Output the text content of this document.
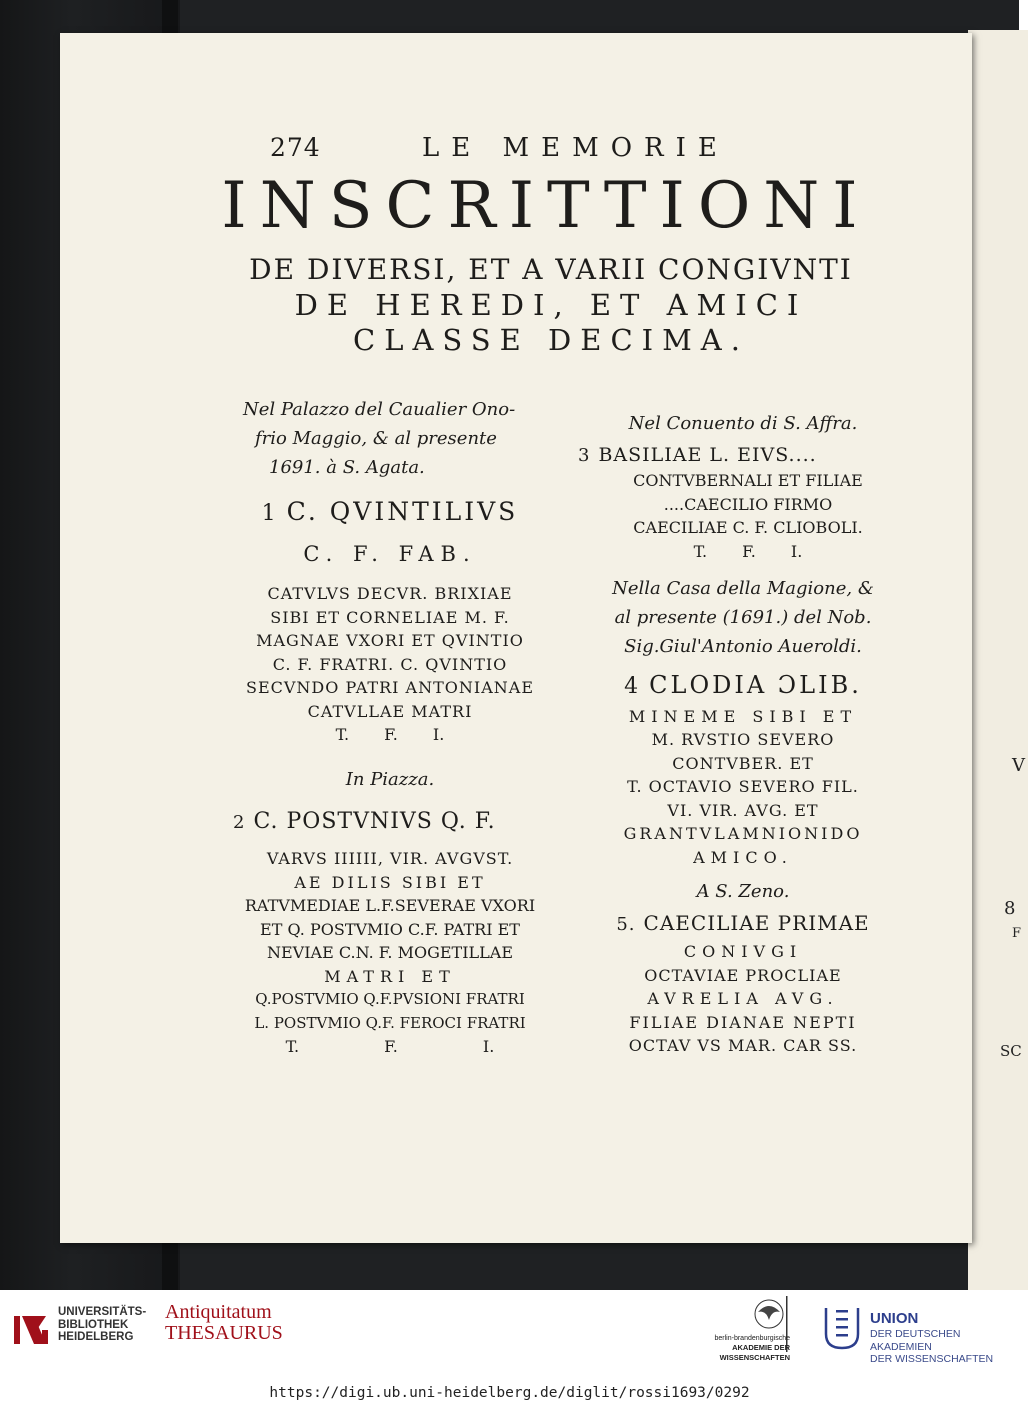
V
8
F
SC
274	LE MEMORIE
INSCRITTIONI
DE DIVERSI, ET A VARII CONGIVNTI
DE HEREDI, ET AMICI
CLASSE DECIMA.
Nel Palazzo del Caualier Ono-
frio Maggio, & al presente
1691. à S. Agata.
1 C. QVINTILIVS
C. F. FAB.
CATVLVS DECVR. BRIXIAE
SIBI ET CORNELIAE M. F.
MAGNAE VXORI ET QVINTIO
C. F. FRATRI. C. QVINTIO
SECVNDO PATRI ANTONIANAE
CATVLLAE MATRI
T. F. I.
In Piazza.
2 C. POSTVNIVS Q. F.
VARVS IIIIII, VIR. AVGVST.
AE DILIS SIBI ET
RATVMEDIAE L.F.SEVERAE VXORI
ET Q. POSTVMIO C.F. PATRI ET
NEVIAE C.N. F. MOGETILLAE
MATRI ET
Q.POSTVMIO Q.F.PVSIONI FRATRI
L. POSTVMIO Q.F. FEROCI FRATRI
T. F. I.
Nel Conuento di S. Affra.
3 BASILIAE L. EIVS....
CONTVBERNALI ET FILIAE
....CAECILIO FIRMO
CAECILIAE C. F. CLIOBOLI.
T. F. I.
Nella Casa della Magione, &
al presente (1691.) del Nob.
Sig.Giul'Antonio Aueroldi.
4 CLODIA ƆLIB.
MINEME SIBI ET
M. RVSTIO SEVERO
CONTVBER. ET
T. OCTAVIO SEVERO FIL.
VI. VIR. AVG. ET
GRANTVLAMNIONIDO
AMICO.
A S. Zeno.
5. CAECILIAE PRIMAE
CONIVGI
OCTAVIAE PROCLIAE
AVRELIA AVG.
FILIAE DIANAE NEPTI
OCTAV VS MAR. CAR SS.
UNIVERSITÄTS-
BIBLIOTHEK
HEIDELBERG
Antiquitatum
THESAURUS	berlin-brandenburgische
AKADEMIE DER WISSENSCHAFTEN
UNION
DER DEUTSCHEN AKADEMIEN
DER WISSENSCHAFTEN
https://digi.ub.uni-heidelberg.de/diglit/rossi1693/0292
